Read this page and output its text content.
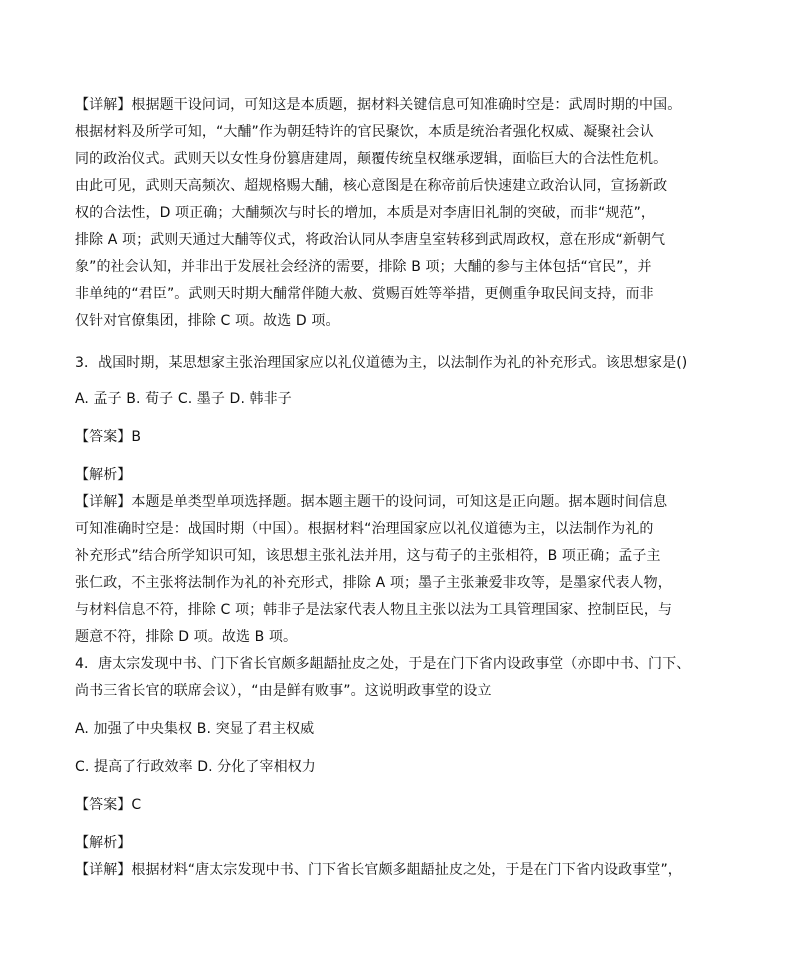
【详解】根据题干设问词，可知这是本质题，据材料关键信息可知准确时空是：武周时期的中国。
根据材料及所学可知，“大酺”作为朝廷特许的官民聚饮，本质是统治者强化权威、凝聚社会认
同的政治仪式。武则天以女性身份篡唐建周，颠覆传统皇权继承逻辑，面临巨大的合法性危机。
由此可见，武则天高频次、超规格赐大酺，核心意图是在称帝前后快速建立政治认同，宣扬新政
权的合法性，D 项正确；大酺频次与时长的增加，本质是对李唐旧礼制的突破，而非“规范”，
排除 A 项；武则天通过大酺等仪式，将政治认同从李唐皇室转移到武周政权，意在形成“新朝气
象”的社会认知，并非出于发展社会经济的需要，排除 B 项；大酺的参与主体包括“官民”，并
非单纯的“君臣”。武则天时期大酺常伴随大赦、赏赐百姓等举措，更侧重争取民间支持，而非
仅针对官僚集团，排除 C 项。故选 D 项。
3．战国时期，某思想家主张治理国家应以礼仪道德为主，以法制作为礼的补充形式。该思想家是()
A. 孟子 B. 荀子 C. 墨子 D. 韩非子
【答案】B
【解析】
【详解】本题是单类型单项选择题。据本题主题干的设问词，可知这是正向题。据本题时间信息
可知准确时空是：战国时期（中国）。根据材料“治理国家应以礼仪道德为主，以法制作为礼的
补充形式”结合所学知识可知，该思想主张礼法并用，这与荀子的主张相符，B 项正确；孟子主
张仁政，不主张将法制作为礼的补充形式，排除 A 项；墨子主张兼爱非攻等，是墨家代表人物，
与材料信息不符，排除 C 项；韩非子是法家代表人物且主张以法为工具管理国家、控制臣民，与
题意不符，排除 D 项。故选 B 项。
4．唐太宗发现中书、门下省长官颇多龃龉扯皮之处，于是在门下省内设政事堂（亦即中书、门下、
尚书三省长官的联席会议），“由是鲜有败事”。这说明政事堂的设立
A. 加强了中央集权 B. 突显了君主权威
C. 提高了行政效率 D. 分化了宰相权力
【答案】C
【解析】
【详解】根据材料“唐太宗发现中书、门下省长官颇多龃龉扯皮之处，于是在门下省内设政事堂”，
